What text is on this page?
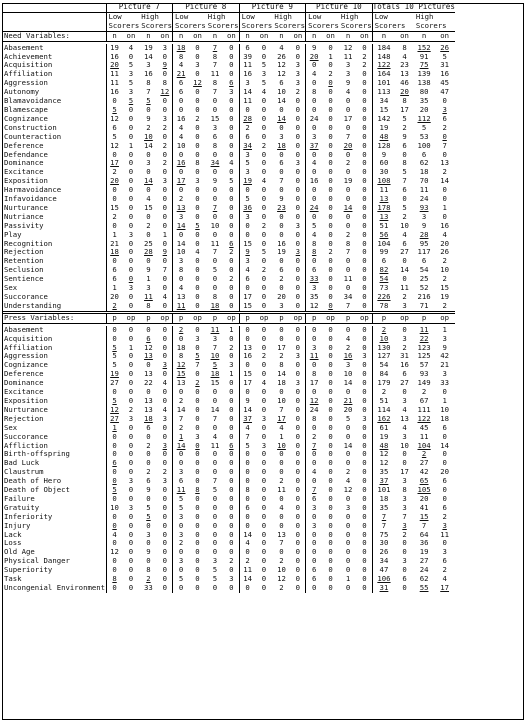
	Picture 7				Picture 8				Picture 9				Picture 10				Totals 10 Pictures			
	Low		High		Low		High		Low		High		Low		High		Low		High	
	Scorers		Scorers		Scorers		Scorers		Scorers		Scorers		Scorers		Scorers		Scorers		Scorers	
Need Variables:	n	on	n	on	n	on	n	on	n	on	n	on	n	on	n	on	n	on	n	on

Abasement	19	4	19	3	18	0	7	0	6	0	4	0	9	0	12	0	184	8	152	26
Achievement	16	0	14	0	8	0	8	0	39	0	26	0	20	1	11	2	148	4	91	5
Acquisition	20	5	3	9	4	3	7	0	11	5	12	3	0	0	3	2	122	23	75	31
Affiliation	11	3	16	0	21	0	11	0	16	3	12	3	4	2	3	0	164	13	139	16
Aggression	11	5	8	8	6	12	8	6	3	5	6	3	0	0	9	0	101	46	138	45
Autonomy	16	3	7	12	6	0	7	3	14	4	10	2	8	0	4	0	113	20	80	47
Blamavoidance	0	5	5	0	0	0	0	0	11	0	14	0	0	0	0	0	34	8	35	0
Blamescape	5	0	0	0	0	0	0	0	0	0	0	0	0	0	0	0	15	17	20	3
Cognizance	12	0	9	3	16	2	15	0	28	0	14	0	24	0	17	0	142	5	112	6
Construction	6	0	2	2	4	0	3	0	2	0	0	0	0	0	0	0	19	2	5	2
Counteraction	5	0	10	0	4	0	6	0	6	0	3	0	3	0	7	0	48	9	53	0
Deference	12	1	14	2	10	0	8	0	34	2	18	0	37	0	20	0	128	6	100	7
Defendance	0	0	0	0	0	0	0	0	3	0	0	0	0	0	0	0	9	0	6	0
Dominance	17	0	3	2	16	8	34	4	5	0	6	3	4	0	2	0	60	8	62	13
Excitance	2	0	0	0	0	0	0	0	3	0	0	0	0	0	0	0	30	5	18	2
Exposition	20	0	14	3	17	3	9	5	19	4	7	0	16	0	19	0	108	7	70	14
Harmavoidance	0	0	0	0	0	0	0	0	0	0	0	0	0	0	0	0	11	6	11	0
Infavoidance	0	0	4	0	2	0	0	0	5	0	9	0	0	0	0	0	13	0	24	0
Nurturance	15	0	15	0	13	0	7	0	36	0	23	0	24	0	14	0	178	5	93	1
Nutriance	2	0	0	0	3	0	0	0	3	0	0	0	0	0	0	0	13	2	3	0
Passivity	0	0	2	0	14	5	10	0	0	2	0	3	5	0	0	0	51	10	9	16
Play	1	3	0	1	0	0	0	0	0	0	0	0	4	0	2	0	56	4	28	4
Recognition	21	0	25	0	14	0	11	6	15	0	16	0	8	0	8	0	104	6	95	20
Rejection	18	0	28	9	10	4	7	2	9	5	19	3	8	2	7	0	99	27	117	26
Retention	0	0	0	0	3	0	0	0	3	0	0	0	0	0	0	0	6	0	6	2
Seclusion	6	0	9	7	8	0	5	0	4	2	6	0	6	0	0	0	82	14	54	10
Sentience	6	0	1	0	0	0	0	2	6	0	2	0	33	0	11	0	54	0	25	2
Sex	1	3	3	0	4	0	0	0	0	0	0	0	3	0	0	0	73	11	52	15
Succorance	20	0	11	4	13	0	8	0	17	0	20	0	35	0	34	0	226	2	216	19
Understanding	2	0	8	0	11	0	18	0	15	0	3	0	12	0	7	0	78	3	71	2
Press Variables:	p	op	p	op	p	op	p	op	p	op	p	op	p	op	p	op	p	op	p	op

Abasement	0	0	0	0	2	0	11	1	0	0	0	0	0	0	0	0	2	0	11	1
Acquisition	0	0	6	0	0	3	3	0	0	0	0	0	0	0	4	0	10	3	22	3
Affiliation	5	1	12	0	18	0	7	2	13	0	17	0	3	0	2	0	130	2	123	9
Aggression	5	0	13	0	8	5	10	0	16	2	2	3	11	0	16	3	127	31	125	42
Cognizance	5	0	0	3	12	7	5	3	0	0	8	0	0	0	3	0	54	16	57	21
Deference	19	0	13	0	15	0	18	1	15	0	14	0	8	0	10	0	84	6	93	3
Dominance	27	0	22	4	13	2	15	0	17	4	18	3	17	0	14	0	179	27	149	33
Excitance	0	0	0	0	0	0	0	0	0	0	0	0	0	0	0	0	2	0	2	0
Exposition	5	0	13	0	2	0	0	0	9	0	10	0	12	0	21	0	51	3	67	1
Nurturance	12	2	13	4	14	0	14	0	14	0	7	0	24	0	20	0	114	4	111	10
Rejection	27	3	18	3	7	0	7	0	37	3	17	0	8	0	5	3	162	13	122	18
Sex	1	0	6	0	2	0	0	0	4	0	4	0	0	0	0	0	61	4	45	6
Succorance	0	0	0	0	1	3	4	0	7	0	1	0	2	0	0	0	19	3	11	0
Affliction	0	0	2	3	14	0	11	6	5	3	10	0	7	0	14	0	48	10	104	14
Birth-offspring	0	0	0	0	0	0	0	0	0	0	0	0	0	0	0	0	12	0	2	0
Bad Luck	6	0	0	0	0	0	0	0	0	0	0	0	0	0	0	0	12	0	27	0
Claustrum	0	0	2	2	3	0	0	0	0	0	0	0	4	0	2	0	35	17	42	20
Death of Hero	0	3	6	3	6	0	7	0	0	0	2	0	0	0	4	0	37	3	65	6
Death of Object	5	0	9	0	11	8	5	0	8	0	11	0	7	0	12	0	101	8	105	0
Failure	0	0	0	0	5	0	0	0	0	0	0	0	6	0	0	0	18	3	20	0
Gratuity	10	3	5	0	5	0	0	0	6	0	4	0	3	0	3	0	35	3	41	6
Inferiority	0	0	5	0	3	0	0	0	0	0	0	0	0	0	0	0	7	7	15	2
Injury	0	0	0	0	0	0	0	0	0	0	0	0	3	0	0	0	7	3	7	3
Lack	4	0	3	0	3	0	0	0	14	0	13	0	0	0	0	0	75	2	64	11
Loss	0	0	0	0	2	0	0	0	4	0	7	0	0	0	0	0	30	0	36	0
Old Age	12	0	9	0	0	0	0	0	0	0	0	0	0	0	0	0	26	0	19	3
Physical Danger	0	0	0	0	3	0	3	2	2	0	2	0	0	0	0	0	34	3	27	6
Superiority	0	0	8	0	0	0	5	0	11	0	10	0	6	0	0	0	47	0	24	2
Task	8	0	2	0	5	0	5	3	14	0	12	0	6	0	1	0	106	6	62	4
Uncongenial Environment	0	0	33	0	0	0	0	0	0	0	2	0	0	0	0	0	31	0	55	17
